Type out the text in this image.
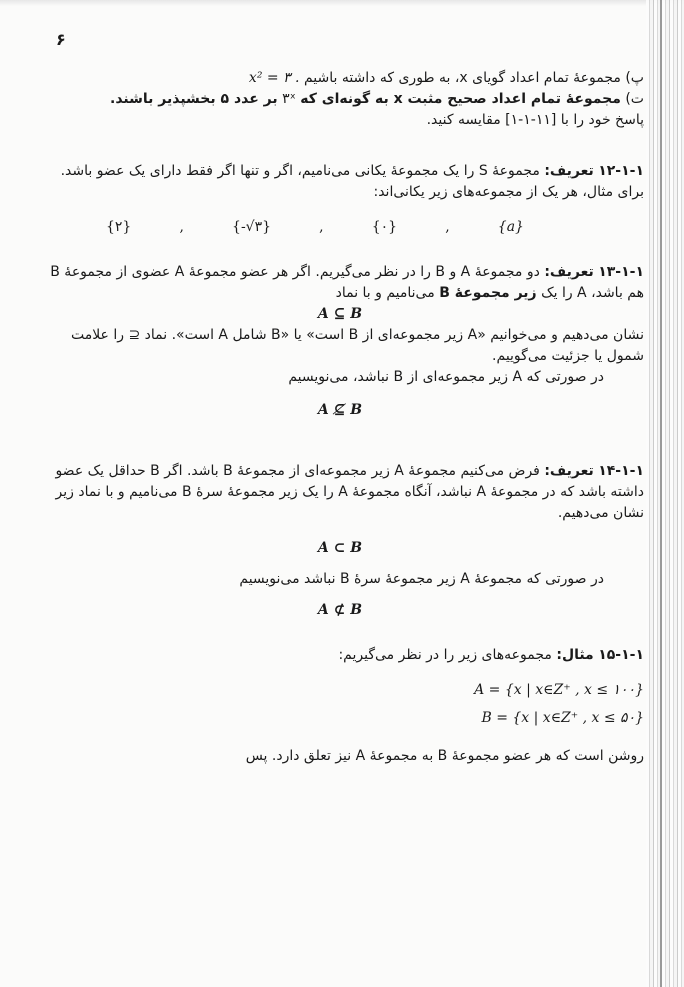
۶

پ) مجموعهٔ تمام اعداد گویای x، به طوری که داشته باشیم x² = ۳ .

ت) مجموعهٔ تمام اعداد صحیح مثبت x به گونه‌ای که ۳ˣ بر عدد ۵ بخشپذیر باشند.

پاسخ خود را با [۱۱-۱-۱] مقایسه کنید.

۱۲-۱-۱ تعریف: مجموعهٔ S را یک مجموعهٔ یکانی می‌نامیم، اگر و تنها اگر فقط دارای یک عضو باشد. برای مثال، هر یک از مجموعه‌های زیر یکانی‌اند:

{۲}	,	{-√۳}	,	{۰}	,	{a}

۱۳-۱-۱ تعریف: دو مجموعهٔ A و B را در نظر می‌گیریم. اگر هر عضو مجموعهٔ A عضوی از مجموعهٔ B هم باشد، A را یک زیر مجموعهٔ B می‌نامیم و با نماد

A ⊆ B

نشان می‌دهیم و می‌خوانیم «A زیر مجموعه‌ای از B است» یا «B شامل A است». نماد ⊆ را علامت شمول یا جزئیت می‌گوییم.

در صورتی که A زیر مجموعه‌ای از B نباشد، می‌نویسیم

A ⊈ B

۱۴-۱-۱ تعریف: فرض می‌کنیم مجموعهٔ A زیر مجموعه‌ای از مجموعهٔ B باشد. اگر B حداقل یک عضو داشته باشد که در مجموعهٔ A نباشد، آنگاه مجموعهٔ A را یک زیر مجموعهٔ سرهٔ B می‌نامیم و با نماد زیر نشان می‌دهیم.

A ⊂ B

در صورتی که مجموعهٔ A زیر مجموعهٔ سرهٔ B نباشد می‌نویسیم

A ⊄ B

۱۵-۱-۱ مثال: مجموعه‌های زیر را در نظر می‌گیریم:

A = {x | x∈Z⁺ , x ≤ ۱۰۰}
B = {x | x∈Z⁺ , x ≤ ۵۰}

روشن است که هر عضو مجموعهٔ B به مجموعهٔ A نیز تعلق دارد. پس
